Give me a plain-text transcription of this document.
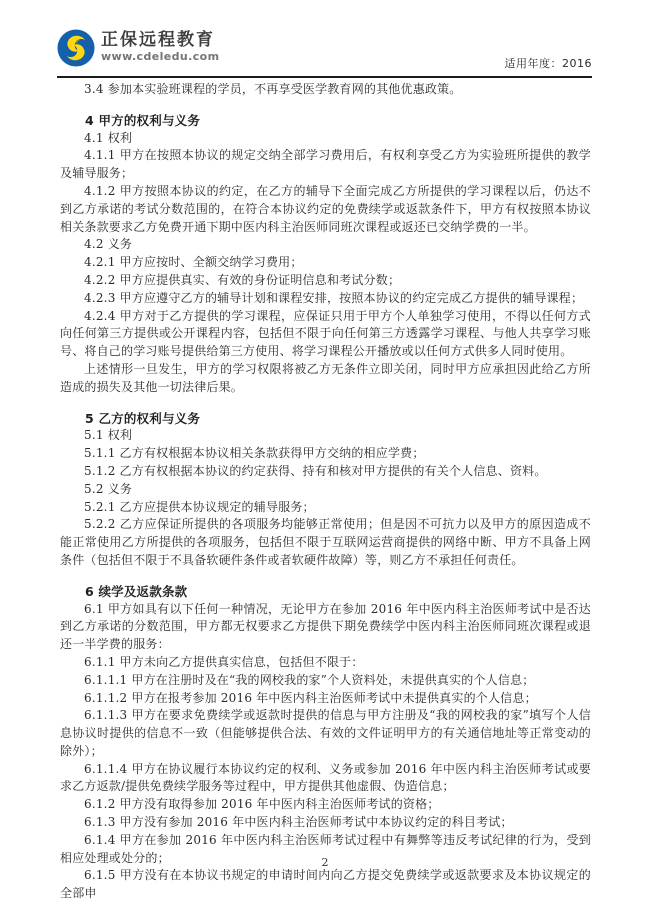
正保远程教育
www.cdeledu.com
适用年度：2016

3.4 参加本实验班课程的学员，不再享受医学教育网的其他优惠政策。

4 甲方的权利与义务

4.1 权利

4.1.1 甲方在按照本协议的规定交纳全部学习费用后，有权利享受乙方为实验班所提供的教学及辅导服务；

4.1.2 甲方按照本协议的约定，在乙方的辅导下全面完成乙方所提供的学习课程以后，仍达不到乙方承诺的考试分数范围的，在符合本协议约定的免费续学或返款条件下，甲方有权按照本协议相关条款要求乙方免费开通下期中医内科主治医师同班次课程或返还已交纳学费的一半。

4.2 义务

4.2.1 甲方应按时、全额交纳学习费用；

4.2.2 甲方应提供真实、有效的身份证明信息和考试分数；

4.2.3 甲方应遵守乙方的辅导计划和课程安排，按照本协议的约定完成乙方提供的辅导课程；

4.2.4 甲方对于乙方提供的学习课程，应保证只用于甲方个人单独学习使用，不得以任何方式向任何第三方提供或公开课程内容，包括但不限于向任何第三方透露学习课程、与他人共享学习账号、将自己的学习账号提供给第三方使用、将学习课程公开播放或以任何方式供多人同时使用。

上述情形一旦发生，甲方的学习权限将被乙方无条件立即关闭，同时甲方应承担因此给乙方所造成的损失及其他一切法律后果。

5 乙方的权利与义务

5.1 权利

5.1.1 乙方有权根据本协议相关条款获得甲方交纳的相应学费；

5.1.2 乙方有权根据本协议的约定获得、持有和核对甲方提供的有关个人信息、资料。

5.2 义务

5.2.1 乙方应提供本协议规定的辅导服务；

5.2.2 乙方应保证所提供的各项服务均能够正常使用；但是因不可抗力以及甲方的原因造成不能正常使用乙方所提供的各项服务，包括但不限于互联网运营商提供的网络中断、甲方不具备上网条件（包括但不限于不具备软硬件条件或者软硬件故障）等，则乙方不承担任何责任。

6 续学及返款条款

6.1 甲方如具有以下任何一种情况，无论甲方在参加 2016 年中医内科主治医师考试中是否达到乙方承诺的分数范围，甲方都无权要求乙方提供下期免费续学中医内科主治医师同班次课程或退还一半学费的服务：

6.1.1 甲方未向乙方提供真实信息，包括但不限于：

6.1.1.1 甲方在注册时及在“我的网校我的家”个人资料处，未提供真实的个人信息；

6.1.1.2 甲方在报考参加 2016 年中医内科主治医师考试中未提供真实的个人信息；

6.1.1.3 甲方在要求免费续学或返款时提供的信息与甲方注册及“我的网校我的家”填写个人信息协议时提供的信息不一致（但能够提供合法、有效的文件证明甲方的有关通信地址等正常变动的除外）；

6.1.1.4 甲方在协议履行本协议约定的权利、义务或参加 2016 年中医内科主治医师考试或要求乙方返款/提供免费续学服务等过程中，甲方提供其他虚假、伪造信息；

6.1.2 甲方没有取得参加 2016 年中医内科主治医师考试的资格；

6.1.3 甲方没有参加 2016 年中医内科主治医师考试中本协议约定的科目考试；

6.1.4 甲方在参加 2016 年中医内科主治医师考试过程中有舞弊等违反考试纪律的行为，受到相应处理或处分的；

6.1.5 甲方没有在本协议书规定的申请时间内向乙方提交免费续学或返款要求及本协议规定的全部申

2
